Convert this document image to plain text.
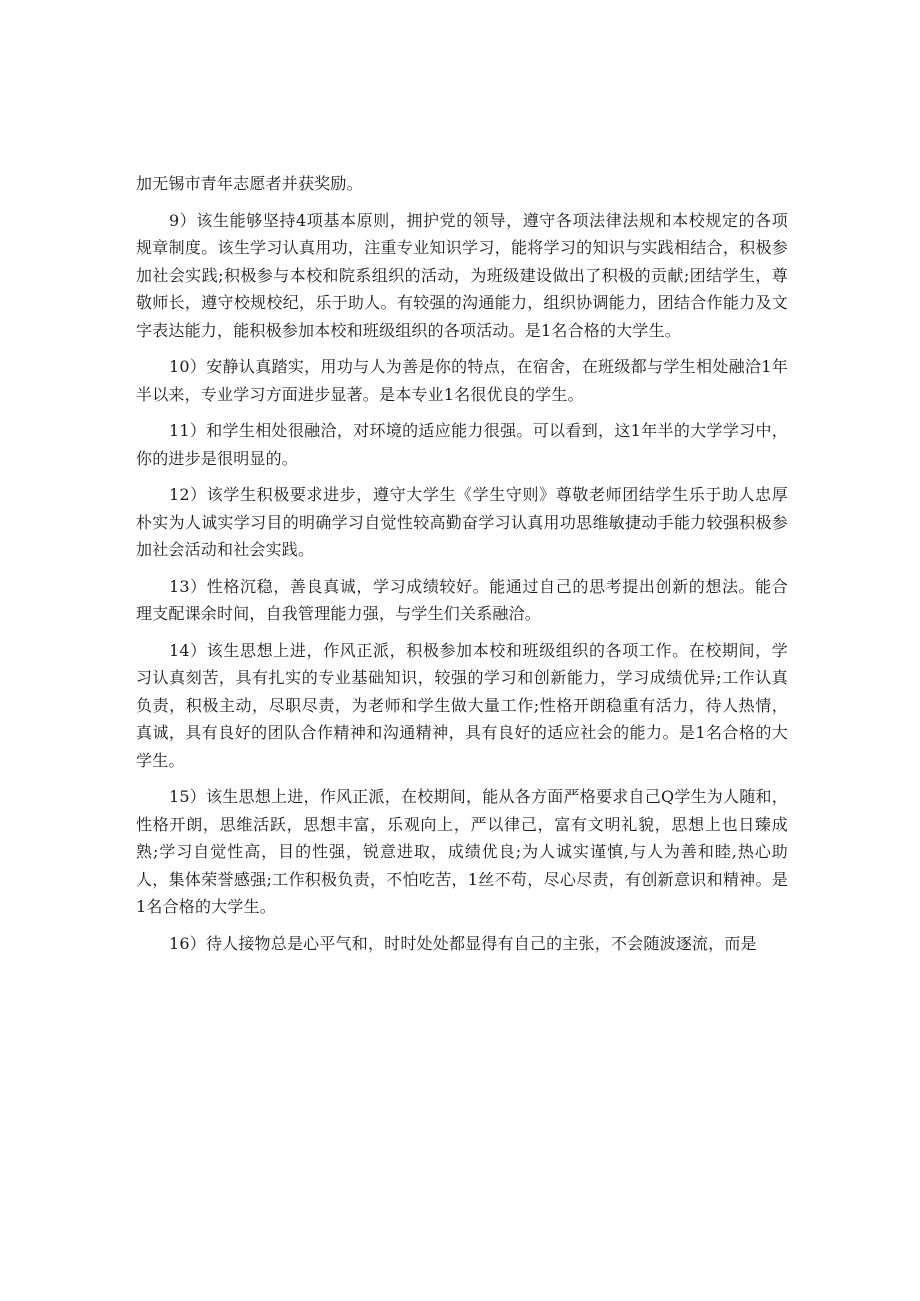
加无锡市青年志愿者并获奖励。

9）该生能够坚持4项基本原则，拥护党的领导，遵守各项法律法规和本校规定的各项规章制度。该生学习认真用功，注重专业知识学习，能将学习的知识与实践相结合，积极参加社会实践;积极参与本校和院系组织的活动，为班级建设做出了积极的贡献;团结学生，尊敬师长，遵守校规校纪，乐于助人。有较强的沟通能力，组织协调能力，团结合作能力及文字表达能力，能积极参加本校和班级组织的各项活动。是1名合格的大学生。

10）安静认真踏实，用功与人为善是你的特点，在宿舍，在班级都与学生相处融洽1年半以来，专业学习方面进步显著。是本专业1名很优良的学生。

11）和学生相处很融洽，对环境的适应能力很强。可以看到，这1年半的大学学习中，你的进步是很明显的。

12）该学生积极要求进步，遵守大学生《学生守则》尊敬老师团结学生乐于助人忠厚朴实为人诚实学习目的明确学习自觉性较高勤奋学习认真用功思维敏捷动手能力较强积极参加社会活动和社会实践。

13）性格沉稳，善良真诚，学习成绩较好。能通过自己的思考提出创新的想法。能合理支配课余时间，自我管理能力强，与学生们关系融洽。

14）该生思想上进，作风正派，积极参加本校和班级组织的各项工作。在校期间，学习认真刻苦，具有扎实的专业基础知识，较强的学习和创新能力，学习成绩优异;工作认真负责，积极主动，尽职尽责，为老师和学生做大量工作;性格开朗稳重有活力，待人热情，真诚，具有良好的团队合作精神和沟通精神，具有良好的适应社会的能力。是1名合格的大学生。

15）该生思想上进，作风正派，在校期间，能从各方面严格要求自己Q学生为人随和，性格开朗，思维活跃，思想丰富，乐观向上，严以律己，富有文明礼貌，思想上也日臻成熟;学习自觉性高，目的性强，锐意进取，成绩优良;为人诚实谨慎,与人为善和睦,热心助人，集体荣誉感强;工作积极负责，不怕吃苦，1丝不苟，尽心尽责，有创新意识和精神。是1名合格的大学生。

16）待人接物总是心平气和，时时处处都显得有自己的主张，不会随波逐流，而是
